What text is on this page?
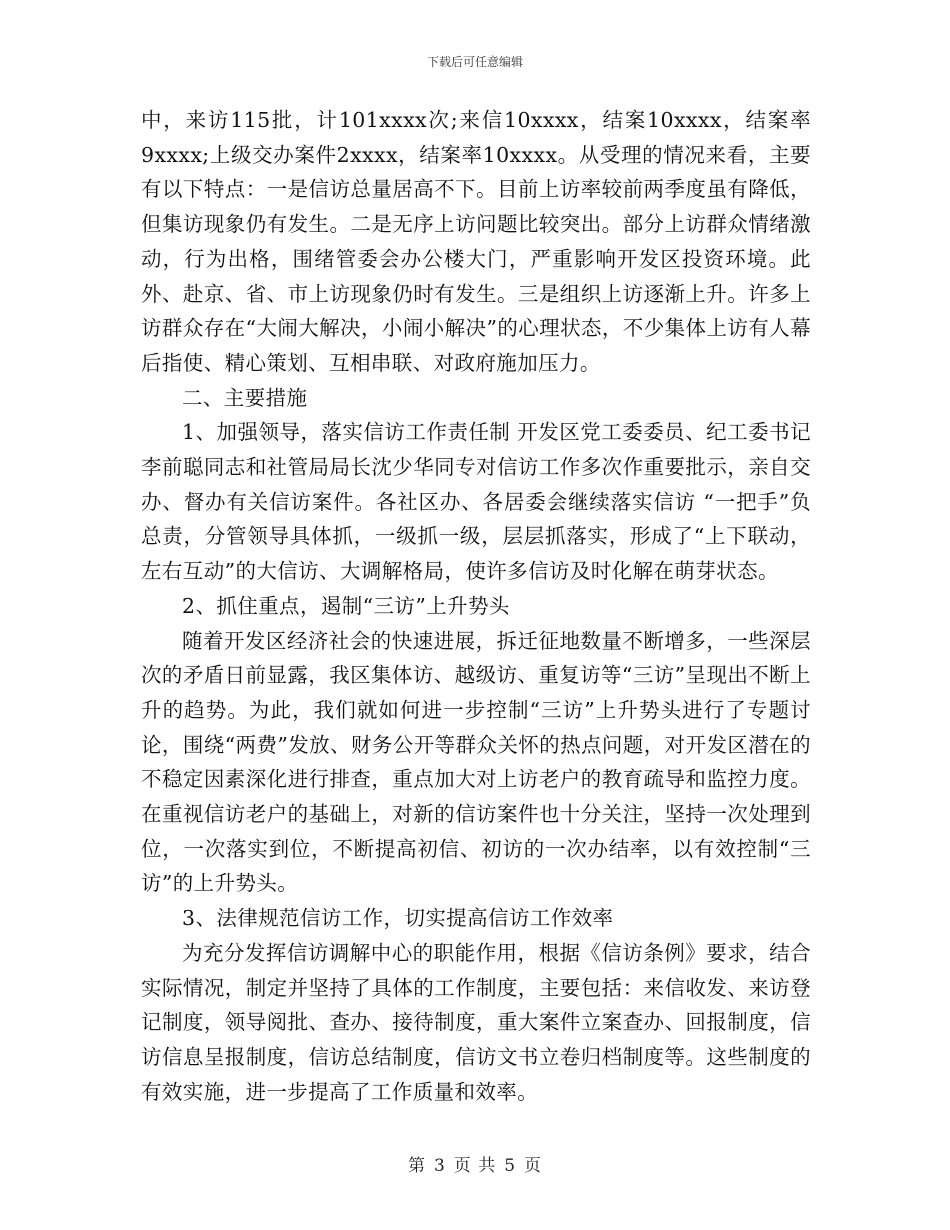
下载后可任意编辑

中，来访115批，计101xxxx次;来信10xxxx，结案10xxxx，结案率9xxxx;上级交办案件2xxxx，结案率10xxxx。从受理的情况来看，主要有以下特点：一是信访总量居高不下。目前上访率较前两季度虽有降低，但集访现象仍有发生。二是无序上访问题比较突出。部分上访群众情绪激动，行为出格，围绪管委会办公楼大门，严重影响开发区投资环境。此外、赴京、省、市上访现象仍时有发生。三是组织上访逐渐上升。许多上访群众存在“大闹大解决，小闹小解决”的心理状态，不少集体上访有人幕后指使、精心策划、互相串联、对政府施加压力。

二、主要措施

1、加强领导，落实信访工作责任制 开发区党工委委员、纪工委书记李前聪同志和社管局局长沈少华同专对信访工作多次作重要批示，亲自交办、督办有关信访案件。各社区办、各居委会继续落实信访 “一把手”负总责，分管领导具体抓，一级抓一级，层层抓落实，形成了“上下联动，左右互动”的大信访、大调解格局，使许多信访及时化解在萌芽状态。

2、抓住重点，遏制“三访”上升势头

随着开发区经济社会的快速进展，拆迁征地数量不断增多，一些深层次的矛盾日前显露，我区集体访、越级访、重复访等“三访”呈现出不断上升的趋势。为此，我们就如何进一步控制“三访”上升势头进行了专题讨论，围绕“两费”发放、财务公开等群众关怀的热点问题，对开发区潜在的不稳定因素深化进行排查，重点加大对上访老户的教育疏导和监控力度。在重视信访老户的基础上，对新的信访案件也十分关注，坚持一次处理到位，一次落实到位，不断提高初信、初访的一次办结率，以有效控制“三访”的上升势头。

3、法律规范信访工作，切实提高信访工作效率

为充分发挥信访调解中心的职能作用，根据《信访条例》要求，结合实际情况，制定并坚持了具体的工作制度，主要包括：来信收发、来访登记制度，领导阅批、查办、接待制度，重大案件立案查办、回报制度，信访信息呈报制度，信访总结制度，信访文书立卷归档制度等。这些制度的有效实施，进一步提高了工作质量和效率。

第 3 页 共 5 页
